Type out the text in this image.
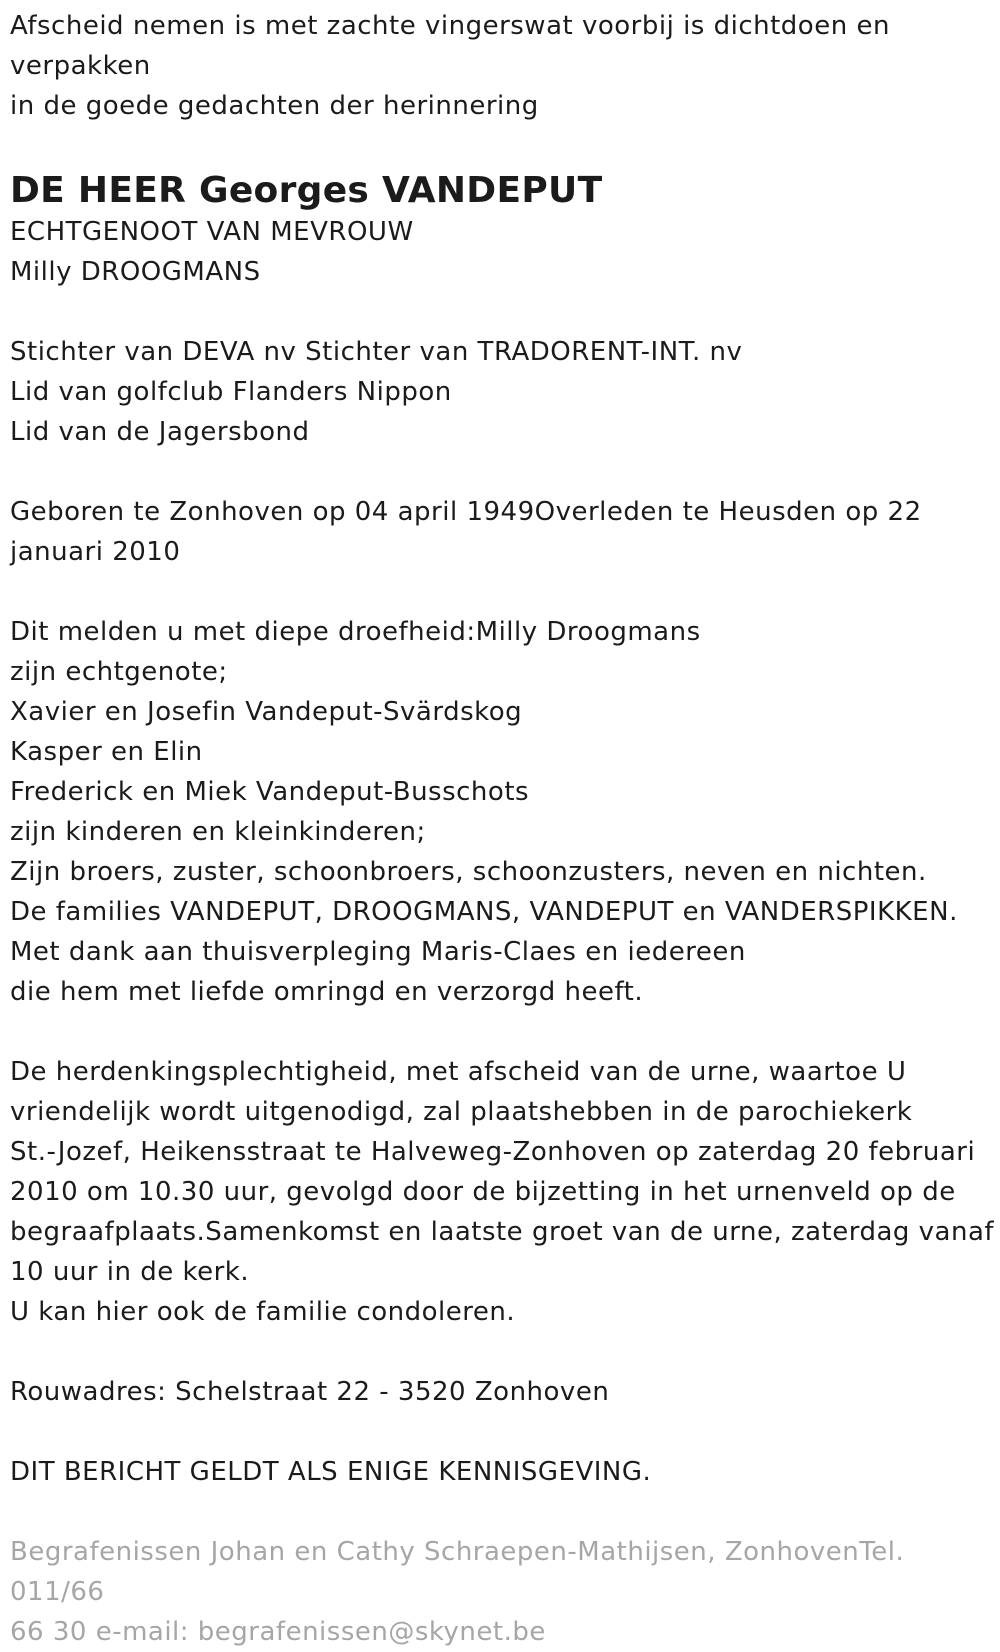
Afscheid nemen is met zachte vingerswat voorbij is dichtdoen en
verpakken
in de goede gedachten der herinnering
DE HEER Georges VANDEPUT
ECHTGENOOT VAN MEVROUW
Milly DROOGMANS
Stichter van DEVA nv Stichter van TRADORENT-INT. nv
Lid van golfclub Flanders Nippon
Lid van de Jagersbond
Geboren te Zonhoven op 04 april 1949Overleden te Heusden op 22
januari 2010
Dit melden u met diepe droefheid:Milly Droogmans
zijn echtgenote;
Xavier en Josefin Vandeput-Svärdskog
Kasper en Elin
Frederick en Miek Vandeput-Busschots
zijn kinderen en kleinkinderen;
Zijn broers, zuster, schoonbroers, schoonzusters, neven en nichten.
De families VANDEPUT, DROOGMANS, VANDEPUT en VANDERSPIKKEN.
Met dank aan thuisverpleging Maris-Claes en iedereen
die hem met liefde omringd en verzorgd heeft.
De herdenkingsplechtigheid, met afscheid van de urne, waartoe U
vriendelijk wordt uitgenodigd, zal plaatshebben in de parochiekerk
St.-Jozef, Heikensstraat te Halveweg-Zonhoven op zaterdag 20 februari
2010 om 10.30 uur, gevolgd door de bijzetting in het urnenveld op de
begraafplaats.Samenkomst en laatste groet van de urne, zaterdag vanaf
10 uur in de kerk.
U kan hier ook de familie condoleren.
Rouwadres: Schelstraat 22 - 3520 Zonhoven
DIT BERICHT GELDT ALS ENIGE KENNISGEVING.
Begrafenissen Johan en Cathy Schraepen-Mathijsen, ZonhovenTel. 011/66
66 30 e-mail: begrafenissen@skynet.be
